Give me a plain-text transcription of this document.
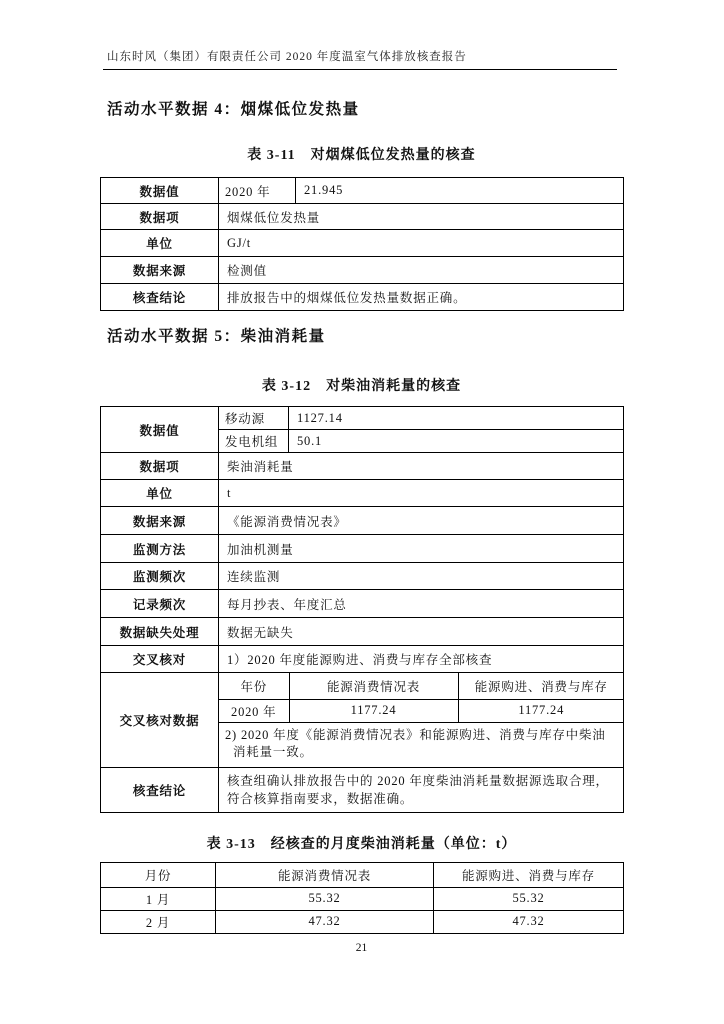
山东时风（集团）有限责任公司 2020 年度温室气体排放核查报告
活动水平数据 4：烟煤低位发热量
表 3-11　对烟煤低位发热量的核查
数据值	2020 年	21.945
数据项	烟煤低位发热量	
单位	GJ/t	
数据来源	检测值	
核查结论	排放报告中的烟煤低位发热量数据正确。	
活动水平数据 5：柴油消耗量
表 3-12　对柴油消耗量的核查
数据值	移动源	1127.14
发电机组	50.1
数据项	柴油消耗量
单位	t
数据来源	《能源消费情况表》
监测方法	加油机测量
监测频次	连续监测
记录频次	每月抄表、年度汇总
数据缺失处理	数据无缺失
交叉核对	1）2020 年度能源购进、消费与库存全部核查
交叉核对数据	
年份	能源消费情况表	能源购进、消费与库存
2020 年	1177.24	1177.24
2) 2020 年度《能源消费情况表》和能源购进、消费与库存中柴油消耗量一致。

核查结论	核查组确认排放报告中的 2020 年度柴油消耗量数据源选取合理，符合核算指南要求，数据准确。
表 3-13　经核查的月度柴油消耗量（单位：t）
月份	能源消费情况表	能源购进、消费与库存
1 月	55.32	55.32
2 月	47.32	47.32
21
